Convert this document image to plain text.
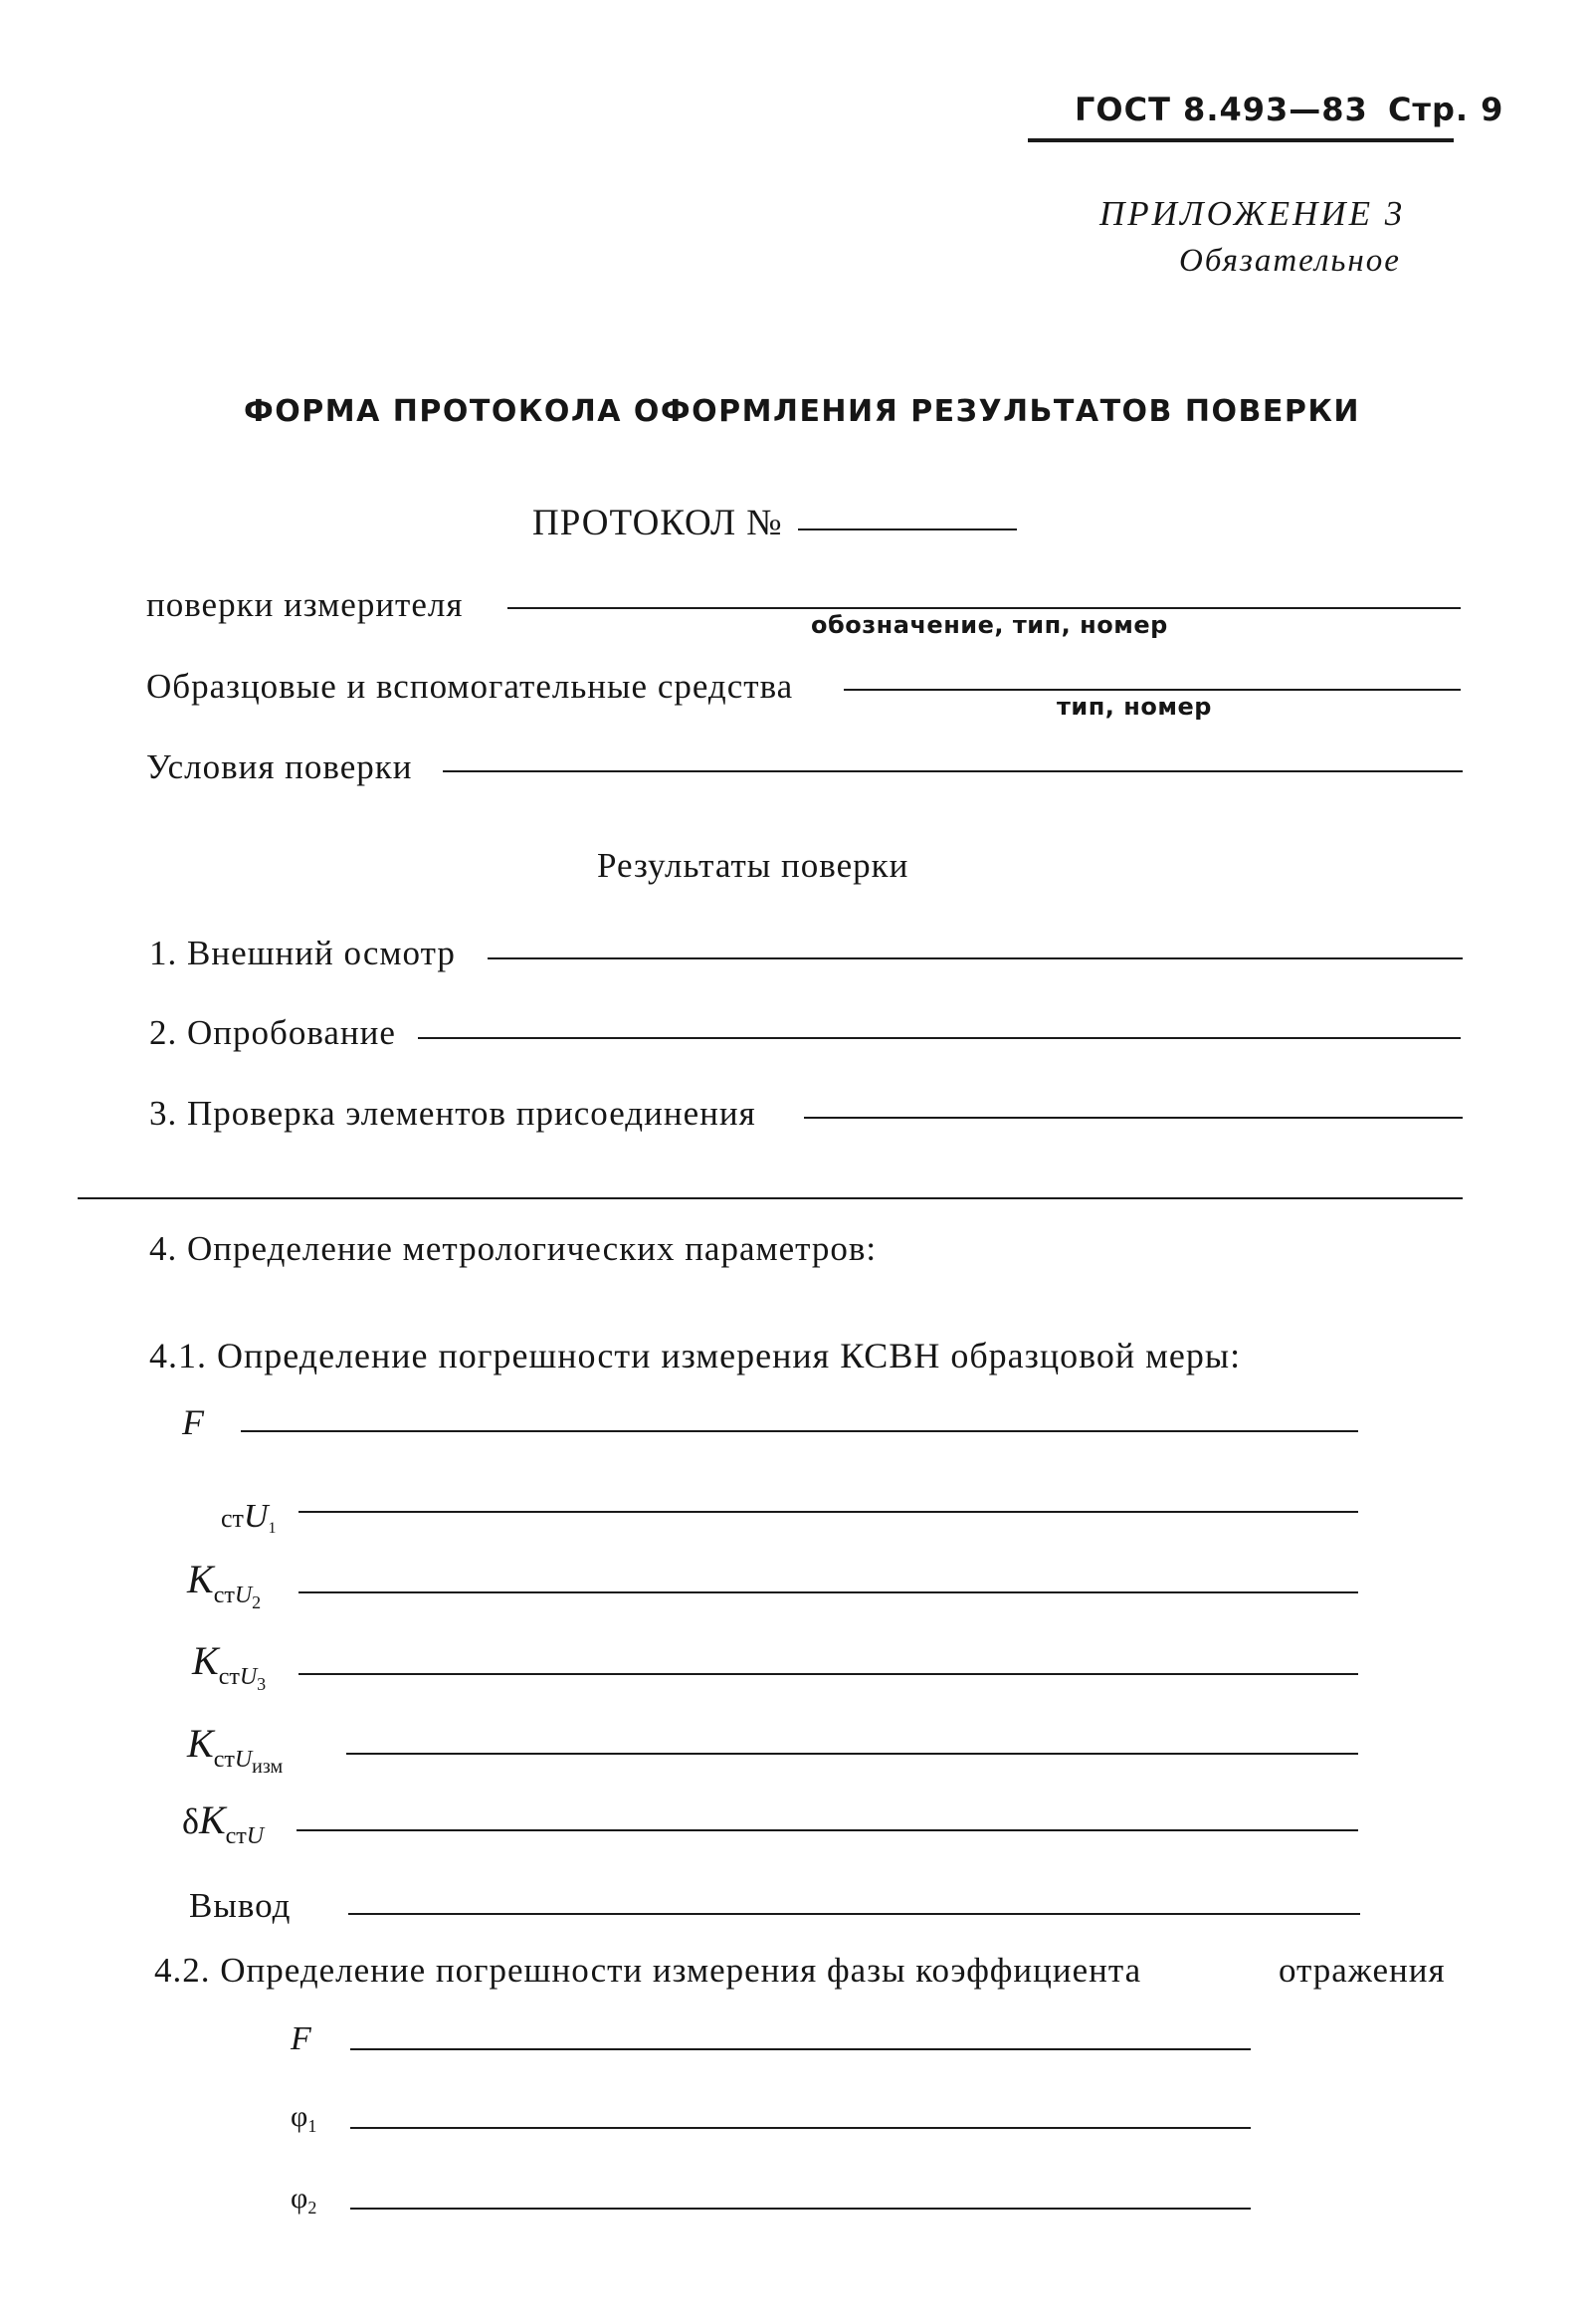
ГОСТ 8.493—83 Стр. 9
ПРИЛОЖЕНИЕ 3
Обязательное
ФОРМА ПРОТОКОЛА ОФОРМЛЕНИЯ РЕЗУЛЬТАТОВ ПОВЕРКИ
ПРОТОКОЛ №
поверки измерителя
обозначение, тип, номер
Образцовые и вспомогательные средства
тип, номер
Условия поверки
Результаты поверки
1. Внешний осмотр
2. Опробование
3. Проверка элементов присоединения
4. Определение метрологических параметров:
4.1. Определение погрешности измерения КСВН образцовой меры:
F
стU$_1$
$K_{стU_2}$
$K_{стU_3}$
$K_{стU_{изм}}$
$\delta K_{стU}$
Вывод
4.2. Определение погрешности измерения фазы коэффициента	отражения
F
$\varphi_1$
$\varphi_2$
